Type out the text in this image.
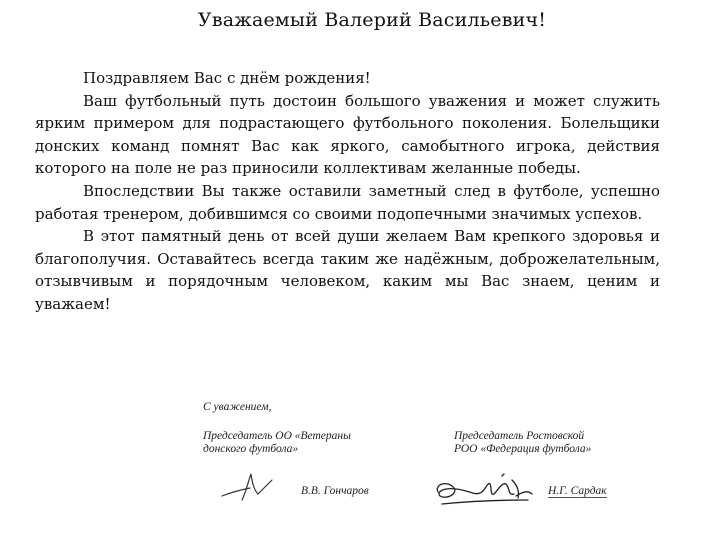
Уважаемый Валерий Васильевич!

Поздравляем Вас с днём рождения!

Ваш футбольный путь достоин большого уважения и может служить ярким примером для подрастающего футбольного поколения. Болельщики донских команд помнят Вас как яркого, самобытного игрока, действия которого на поле не раз приносили коллективам желанные победы.

Впоследствии Вы также оставили заметный след в футболе, успешно работая тренером, добившимся со своими подопечными значимых успехов.

В этот памятный день от всей души желаем Вам крепкого здоровья и благополучия. Оставайтесь всегда таким же надёжным, доброжелательным, отзывчивым и порядочным человеком, каким мы Вас знаем, ценим и уважаем!

С уважением,
Председатель ОО «Ветераны
донского футбола»
Председатель Ростовской
РОО «Федерация футбола»
В.В. Гончаров	Н.Г. Сардак
